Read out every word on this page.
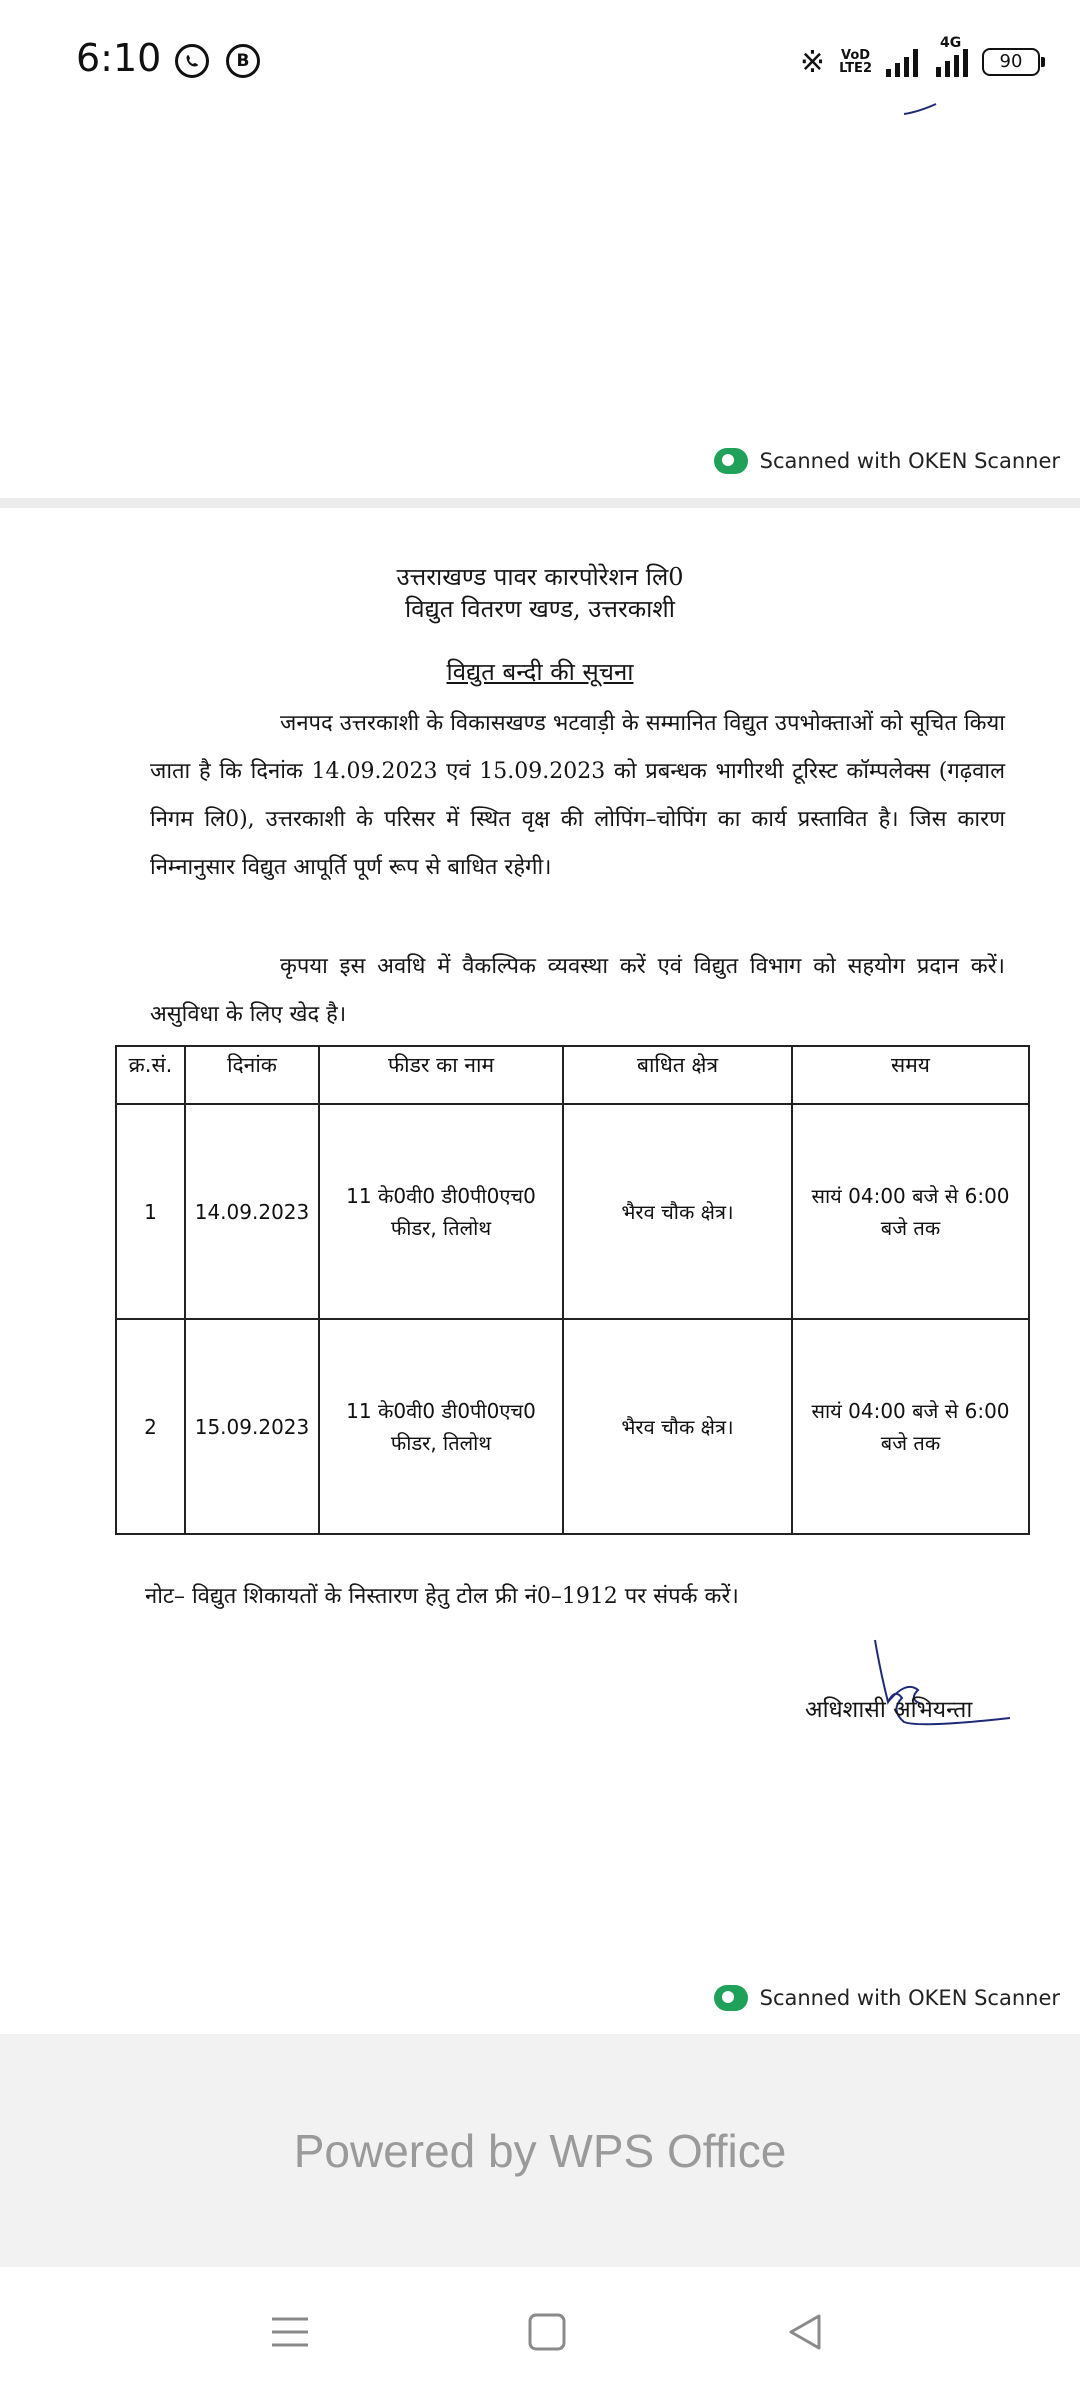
6:10	B	※ VoD
LTE2
4G
90
Scanned with OKEN Scanner
उत्तराखण्ड पावर कारपोरेशन लि0
विद्युत वितरण खण्ड, उत्तरकाशी
विद्युत बन्दी की सूचना
जनपद उत्तरकाशी के विकासखण्ड भटवाड़ी के सम्मानित विद्युत उपभोक्ताओं को सूचित किया जाता है कि दिनांक 14.09.2023 एवं 15.09.2023 को प्रबन्धक भागीरथी टूरिस्ट कॉम्पलेक्स (गढ़वाल निगम लि0), उत्तरकाशी के परिसर में स्थित वृक्ष की लोपिंग–चोपिंग का कार्य प्रस्तावित है। जिस कारण निम्नानुसार विद्युत आपूर्ति पूर्ण रूप से बाधित रहेगी।
कृपया इस अवधि में वैकल्पिक व्यवस्था करें एवं विद्युत विभाग को सहयोग प्रदान करें। असुविधा के लिए खेद है।
क्र.सं.	दिनांक	फीडर का नाम	बाधित क्षेत्र	समय
1	14.09.2023	11 के0वी0 डी0पी0एच0 फीडर, तिलोथ	भैरव चौक क्षेत्र।	सायं 04:00 बजे से 6:00 बजे तक
2	15.09.2023	11 के0वी0 डी0पी0एच0 फीडर, तिलोथ	भैरव चौक क्षेत्र।	सायं 04:00 बजे से 6:00 बजे तक
नोट– विद्युत शिकायतों के निस्तारण हेतु टोल फ्री नं0–1912 पर संपर्क करें।
अधिशासी अभियन्ता
Scanned with OKEN Scanner
Powered by WPS Office
